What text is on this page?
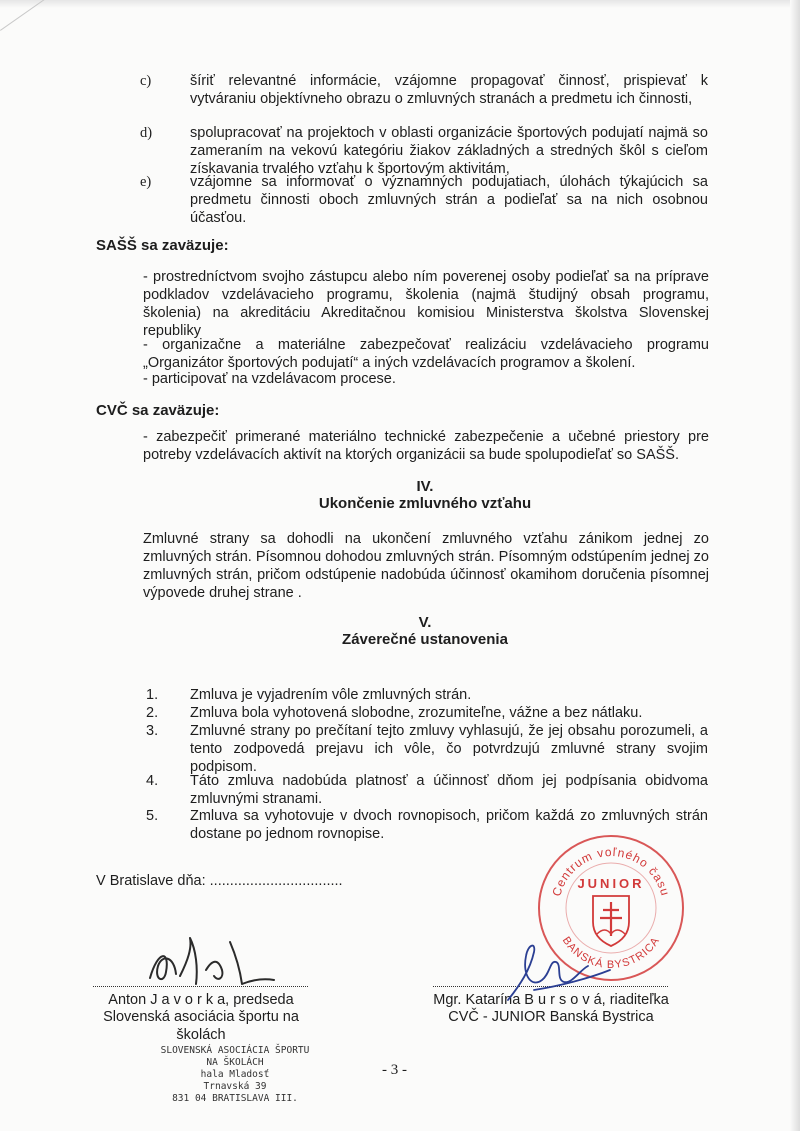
c)	šíriť relevantné informácie, vzájomne propagovať činnosť, prispievať k vytváraniu objektívneho obrazu o zmluvných stranách a predmetu ich činnosti,
d)	spolupracovať na projektoch v oblasti organizácie športových podujatí najmä so zameraním na vekovú kategóriu žiakov základných a stredných škôl s cieľom získavania trvalého vzťahu k športovým aktivitám,
e)	vzájomne sa informovať o významných podujatiach, úlohách týkajúcich sa predmetu činnosti oboch zmluvných strán a podieľať sa na nich osobnou účasťou.
SAŠŠ sa zaväzuje:
- prostredníctvom svojho zástupcu alebo ním poverenej osoby podieľať sa na príprave podkladov vzdelávacieho programu, školenia (najmä študijný obsah programu, školenia) na akreditáciu Akreditačnou komisiou Ministerstva školstva Slovenskej republiky
- organizačne a materiálne zabezpečovať realizáciu vzdelávacieho programu „Organizátor športových podujatí“ a iných vzdelávacích programov a školení.
- participovať na vzdelávacom procese.
CVČ sa zaväzuje:
- zabezpečiť primerané materiálno technické zabezpečenie a učebné priestory pre potreby vzdelávacích aktivít na ktorých organizácii sa bude spolupodieľať so SAŠŠ.
IV.
Ukončenie zmluvného vzťahu
Zmluvné strany sa dohodli na ukončení zmluvného vzťahu zánikom jednej zo zmluvných strán. Písomnou dohodou zmluvných strán. Písomným odstúpením jednej zo zmluvných strán, pričom odstúpenie nadobúda účinnosť okamihom doručenia písomnej výpovede druhej strane .
V.
Záverečné ustanovenia
1. Zmluva je vyjadrením vôle zmluvných strán.
2. Zmluva bola vyhotovená slobodne, zrozumiteľne, vážne a bez nátlaku.
3. Zmluvné strany po prečítaní tejto zmluvy vyhlasujú, že jej obsahu porozumeli, a tento zodpovedá prejavu ich vôle, čo potvrdzujú zmluvné strany svojim podpisom.
4. Táto zmluva nadobúda platnosť a účinnosť dňom jej podpísania obidvoma zmluvnými stranami.
5. Zmluva sa vyhotovuje v dvoch rovnopisoch, pričom každá zo zmluvných strán dostane po jednom rovnopise.
V Bratislave dňa: .................................
Anton J a v o r k a, predseda
Slovenská asociácia športu na školách
Mgr. Katarína B u r s o v á, riaditeľka
CVČ - JUNIOR Banská Bystrica
Centrum voľného času
BANSKÁ BYSTRICA
JUNIOR
SLOVENSKÁ ASOCIÁCIA ŠPORTU
NA ŠKOLÁCH
hala Mladosť
Trnavská 39
831 04 BRATISLAVA III.
- 3 -
